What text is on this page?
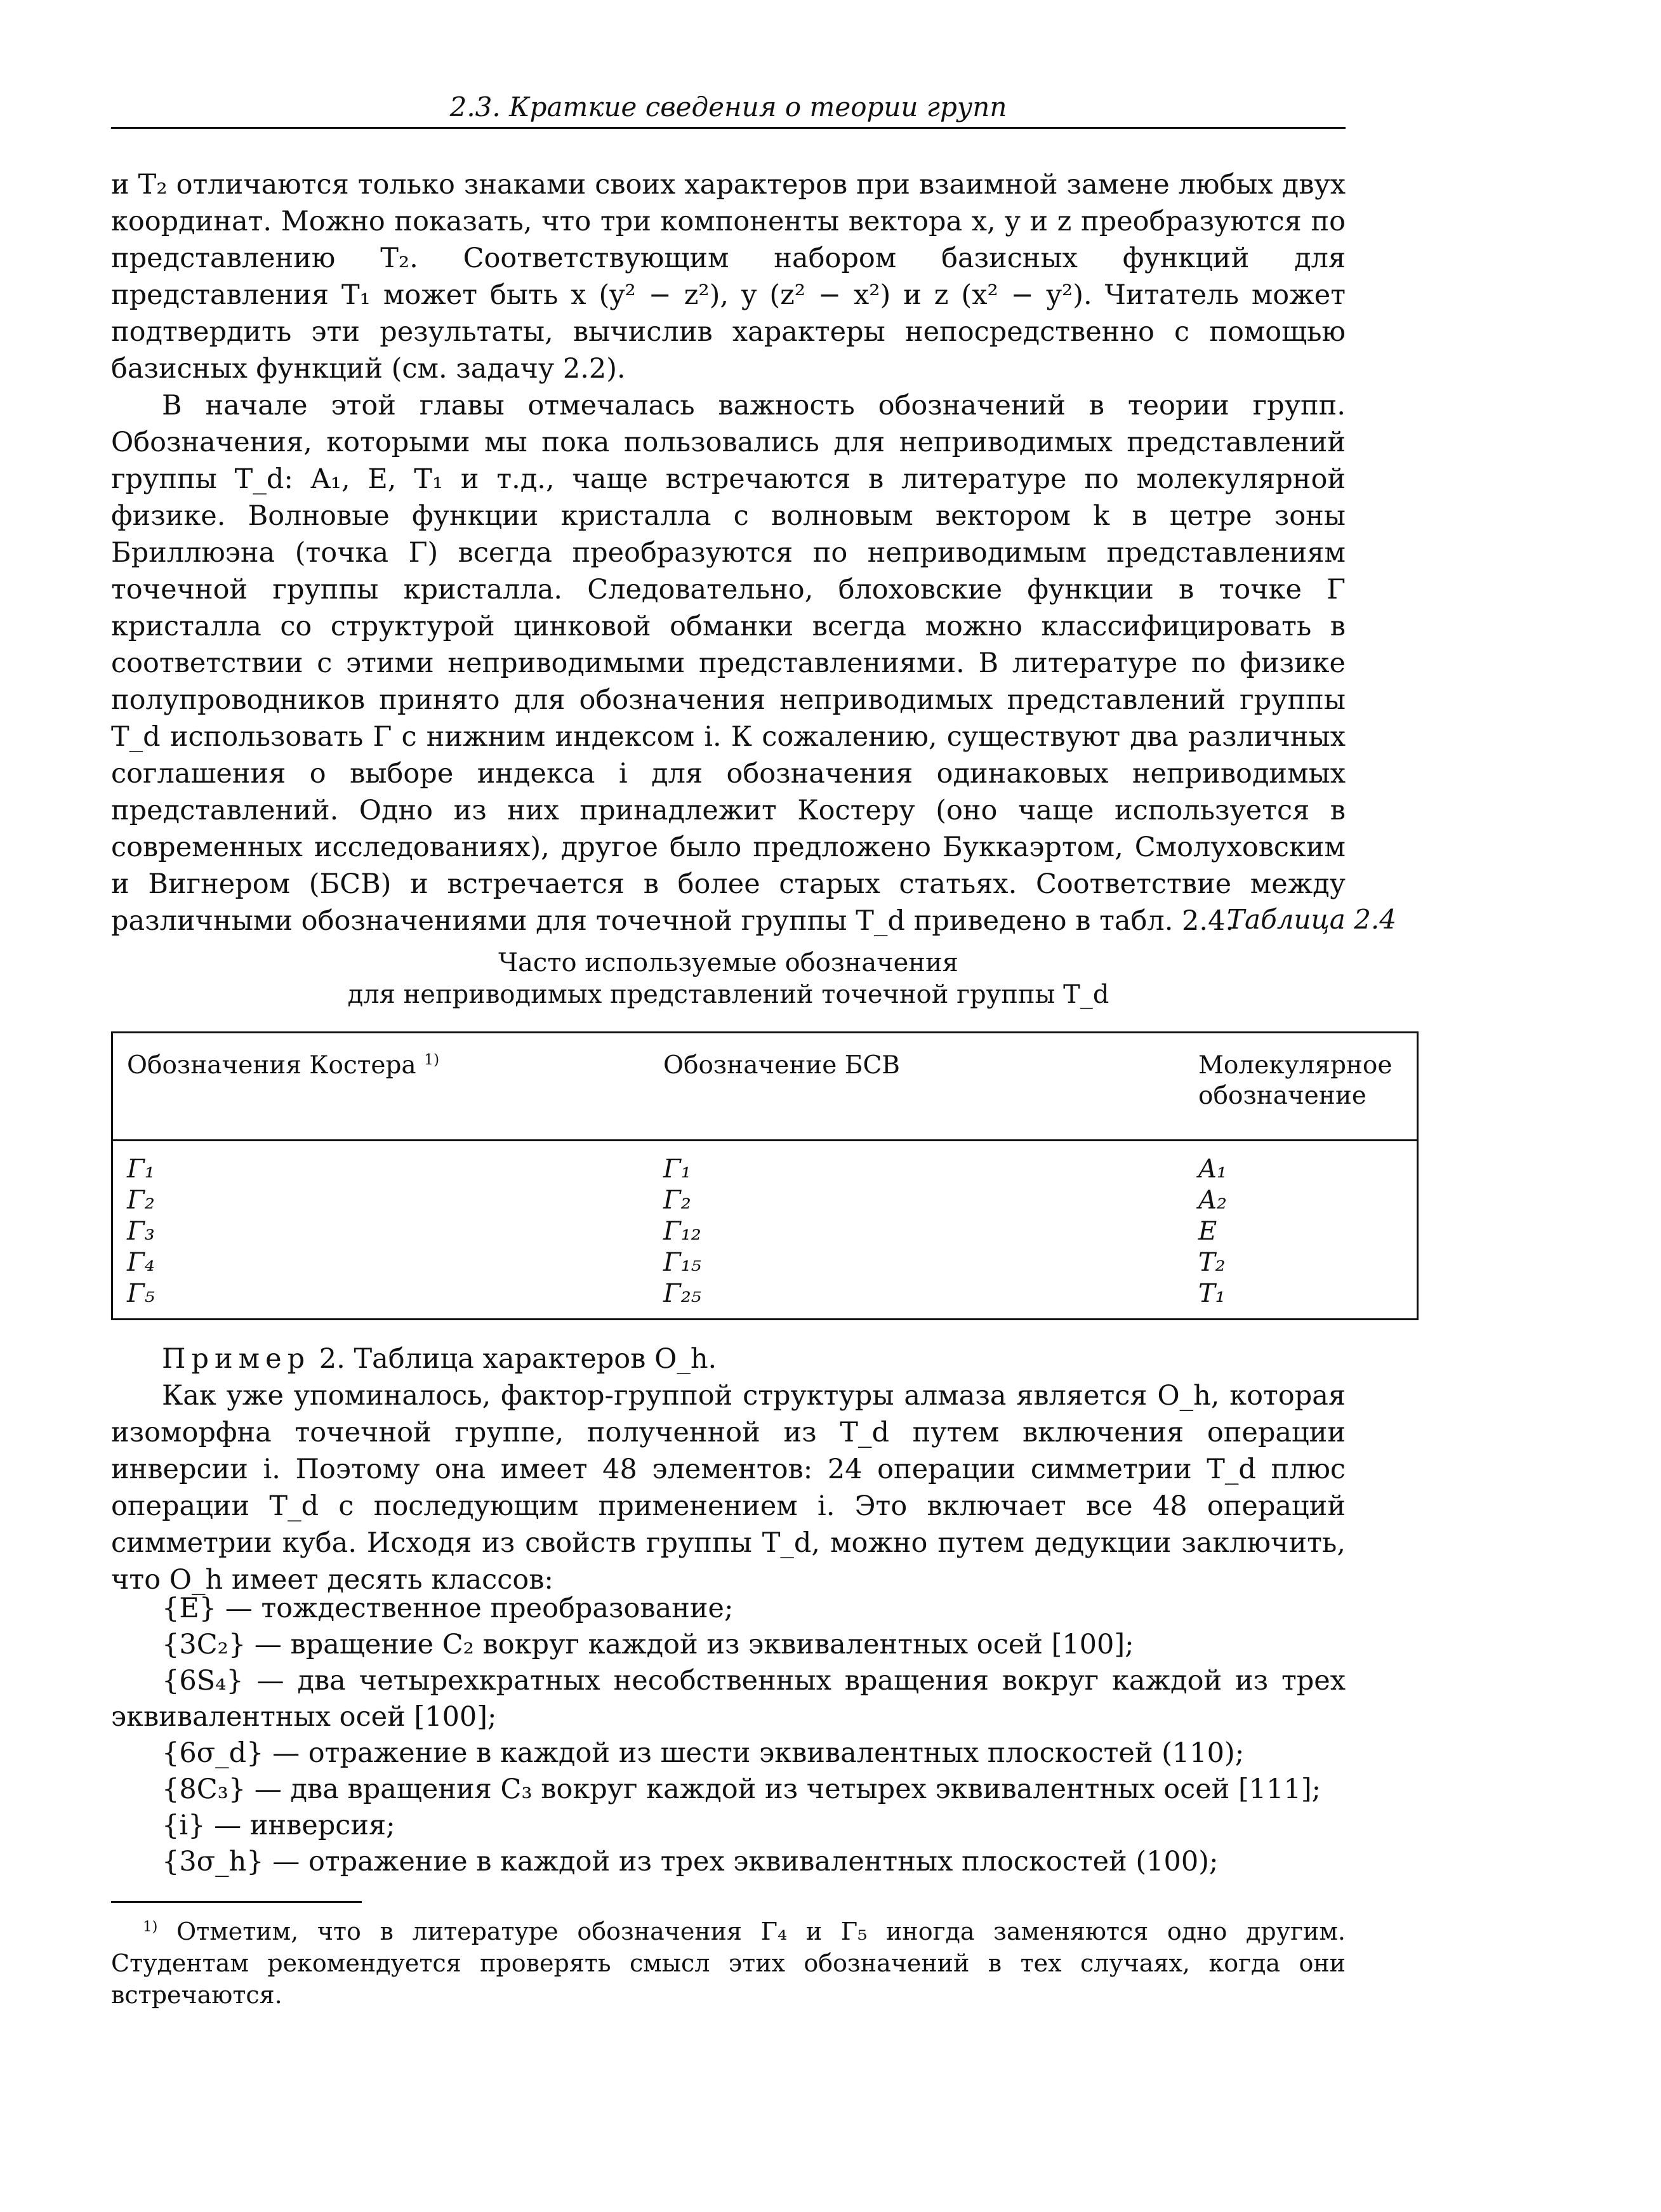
2.3. Краткие сведения о теории групп

и T₂ отличаются только знаками своих характеров при взаимной замене любых двух координат. Можно показать, что три компоненты вектора x, y и z преобразуются по представлению T₂. Соответствующим набором базисных функций для представления T₁ может быть x (y² − z²), y (z² − x²) и z (x² − y²). Читатель может подтвердить эти результаты, вычислив характеры непосредственно с помощью базисных функций (см. задачу 2.2).

В начале этой главы отмечалась важность обозначений в теории групп. Обозначения, которыми мы пока пользовались для неприводимых представлений группы T_d: A₁, E, T₁ и т.д., чаще встречаются в литературе по молекулярной физике. Волновые функции кристалла с волновым вектором k в цетре зоны Бриллюэна (точка Γ) всегда преобразуются по неприводимым представлениям точечной группы кристалла. Следовательно, блоховские функции в точке Γ кристалла со структурой цинковой обманки всегда можно классифицировать в соответствии с этими неприводимыми представлениями. В литературе по физике полупроводников принято для обозначения неприводимых представлений группы T_d использовать Γ с нижним индексом i. К сожалению, существуют два различных соглашения о выборе индекса i для обозначения одинаковых неприводимых представлений. Одно из них принадлежит Костеру (оно чаще используется в современных исследованиях), другое было предложено Буккаэртом, Смолуховским и Вигнером (БСВ) и встречается в более старых статьях. Соответствие между различными обозначениями для точечной группы T_d приведено в табл. 2.4.

Таблица 2.4
Часто используемые обозначения
для неприводимых представлений точечной группы T_d
Обозначения Костера $^{1)}$	Обозначение БСВ	Молекулярное обозначение
Γ₁	Γ₁	A₁
Γ₂	Γ₂	A₂
Γ₃	Γ₁₂	E
Γ₄	Γ₁₅	T₂
Γ₅	Γ₂₅	T₁
Пример 2. Таблица характеров O_h.

Как уже упоминалось, фактор-группой структуры алмаза является O_h, которая изоморфна точечной группе, полученной из T_d путем включения операции инверсии i. Поэтому она имеет 48 элементов: 24 операции симметрии T_d плюс операции T_d с последующим применением i. Это включает все 48 операций симметрии куба. Исходя из свойств группы T_d, можно путем дедукции заключить, что O_h имеет десять классов:

{E} — тождественное преобразование;
{3C₂} — вращение C₂ вокруг каждой из эквивалентных осей [100];
{6S₄} — два четырехкратных несобственных вращения вокруг каждой из трех эквивалентных осей [100];
{6σ_d} — отражение в каждой из шести эквивалентных плоскостей (110);
{8C₃} — два вращения C₃ вокруг каждой из четырех эквивалентных осей [111];
{i} — инверсия;
{3σ_h} — отражение в каждой из трех эквивалентных плоскостей (100);

$^{1)}$ Отметим, что в литературе обозначения Γ₄ и Γ₅ иногда заменяются одно другим. Студентам рекомендуется проверять смысл этих обозначений в тех случаях, когда они встречаются.
